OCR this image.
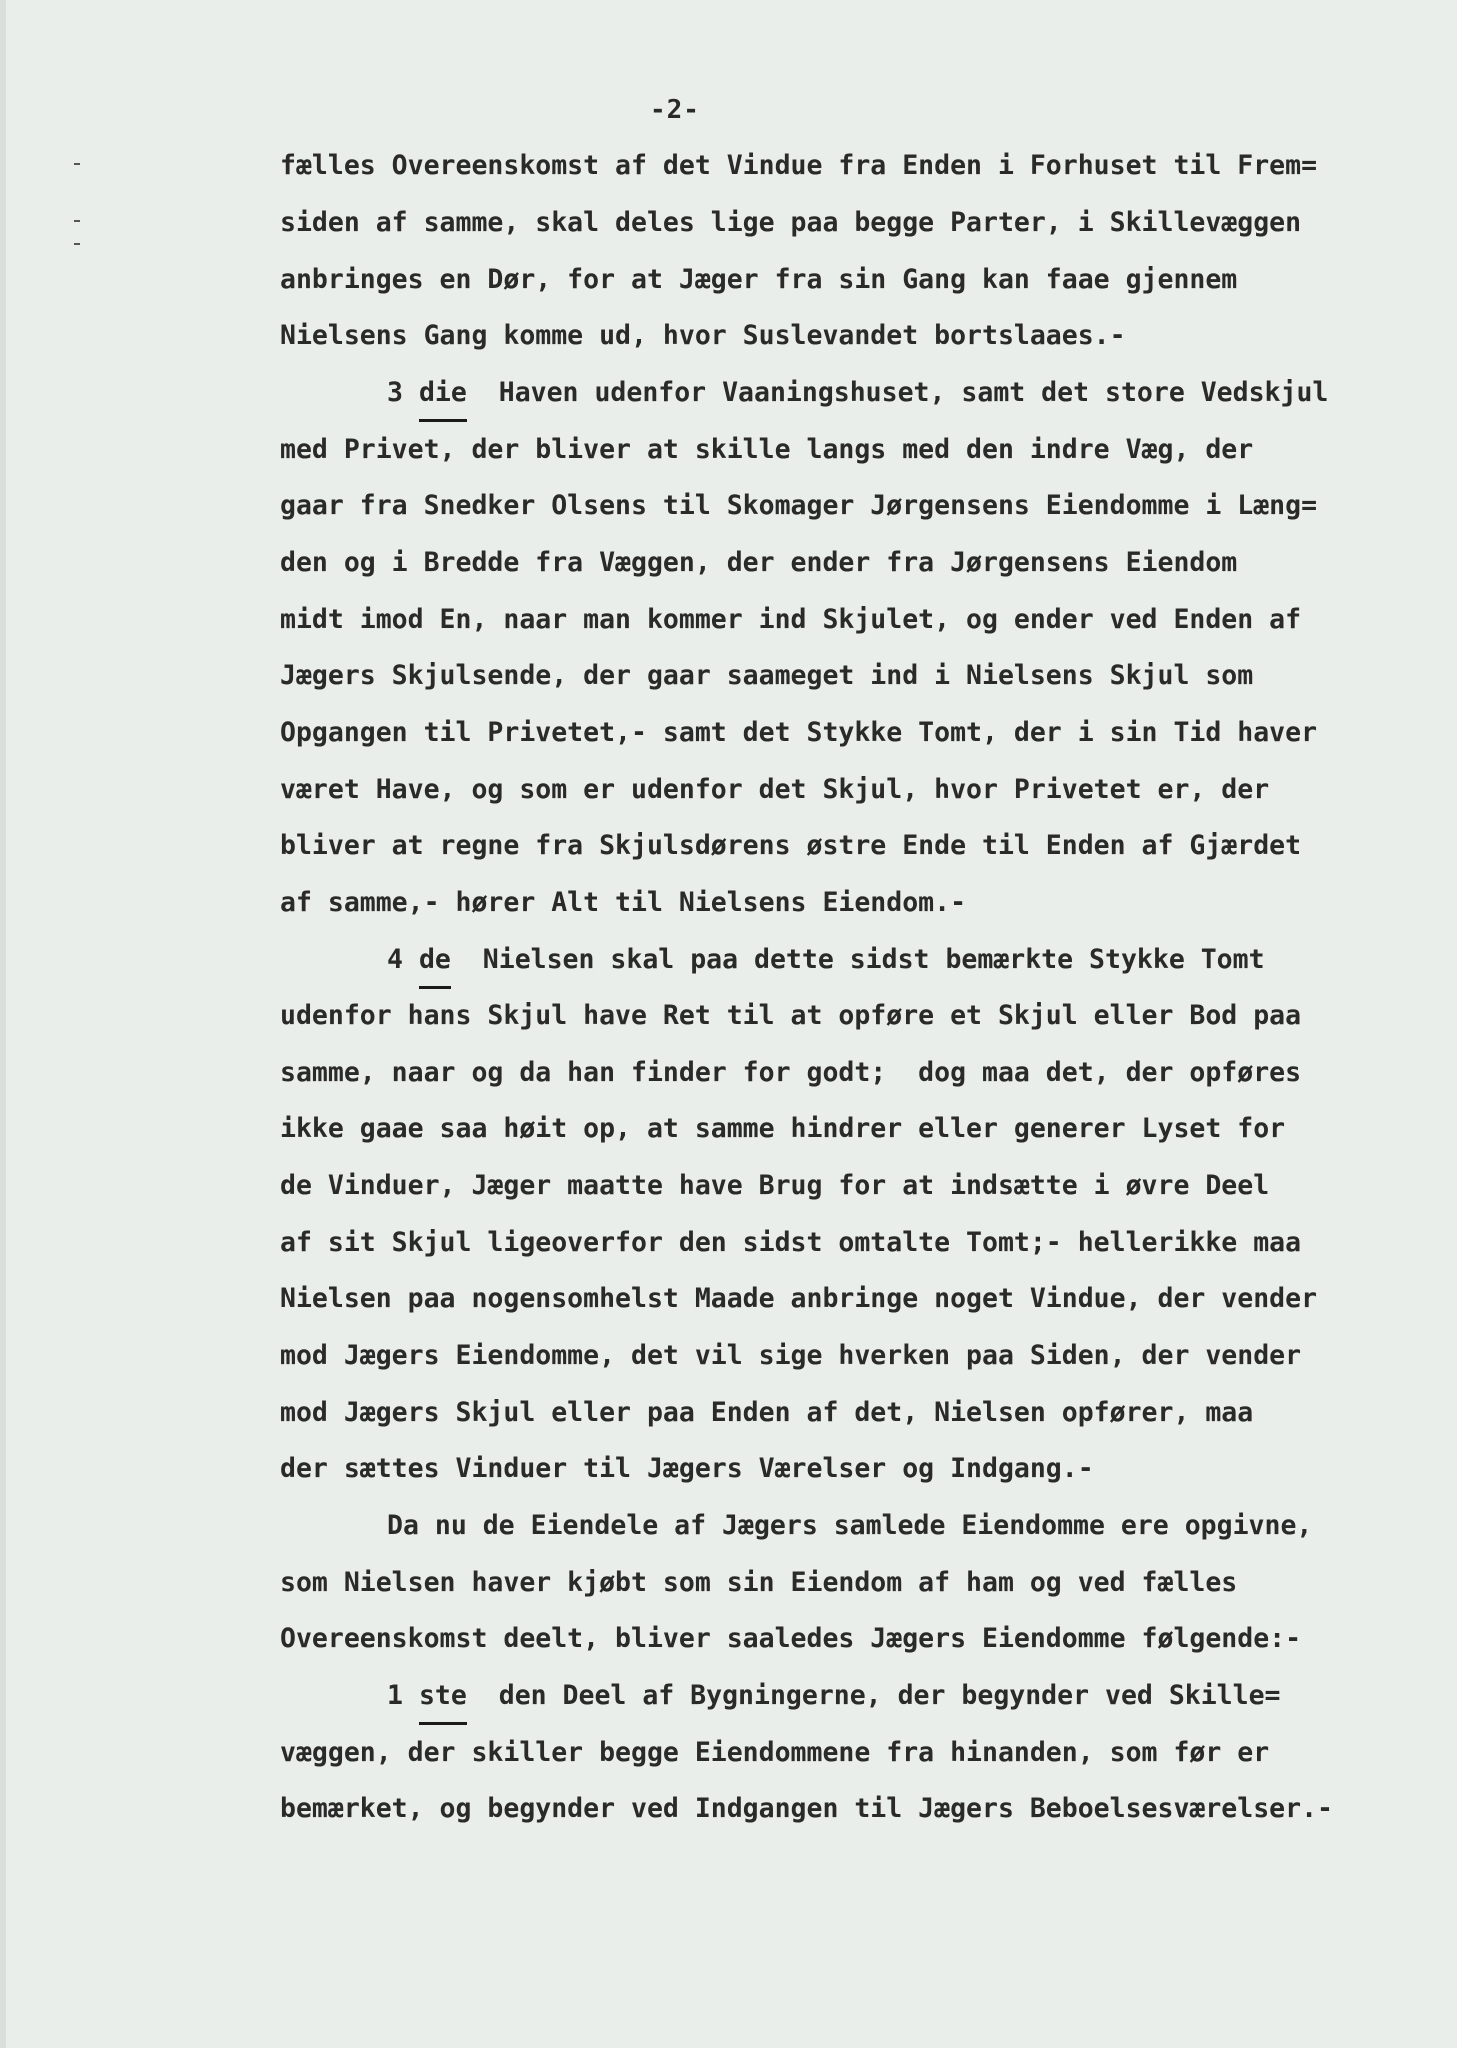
-2-
fælles Overeenskomst af det Vindue fra Enden i Forhuset til Frem=
siden af samme, skal deles lige paa begge Parter, i Skillevæggen
anbringes en Dør, for at Jæger fra sin Gang kan faae gjennem
Nielsens Gang komme ud, hvor Suslevandet bortslaaes.-
3 die Haven udenfor Vaaningshuset, samt det store Vedskjul
med Privet, der bliver at skille langs med den indre Væg, der
gaar fra Snedker Olsens til Skomager Jørgensens Eiendomme i Læng=
den og i Bredde fra Væggen, der ender fra Jørgensens Eiendom
midt imod En, naar man kommer ind Skjulet, og ender ved Enden af
Jægers Skjulsende, der gaar saameget ind i Nielsens Skjul som
Opgangen til Privetet,- samt det Stykke Tomt, der i sin Tid haver
været Have, og som er udenfor det Skjul, hvor Privetet er, der
bliver at regne fra Skjulsdørens østre Ende til Enden af Gjærdet
af samme,- hører Alt til Nielsens Eiendom.-
4 de Nielsen skal paa dette sidst bemærkte Stykke Tomt
udenfor hans Skjul have Ret til at opføre et Skjul eller Bod paa
samme, naar og da han finder for godt;  dog maa det, der opføres
ikke gaae saa høit op, at samme hindrer eller generer Lyset for
de Vinduer, Jæger maatte have Brug for at indsætte i øvre Deel
af sit Skjul ligeoverfor den sidst omtalte Tomt;- hellerikke maa
Nielsen paa nogensomhelst Maade anbringe noget Vindue, der vender
mod Jægers Eiendomme, det vil sige hverken paa Siden, der vender
mod Jægers Skjul eller paa Enden af det, Nielsen opfører, maa
der sættes Vinduer til Jægers Værelser og Indgang.-
Da nu de Eiendele af Jægers samlede Eiendomme ere opgivne,
som Nielsen haver kjøbt som sin Eiendom af ham og ved fælles
Overeenskomst deelt, bliver saaledes Jægers Eiendomme følgende:-
1 ste den Deel af Bygningerne, der begynder ved Skille=
væggen, der skiller begge Eiendommene fra hinanden, som før er
bemærket, og begynder ved Indgangen til Jægers Beboelsesværelser.-
